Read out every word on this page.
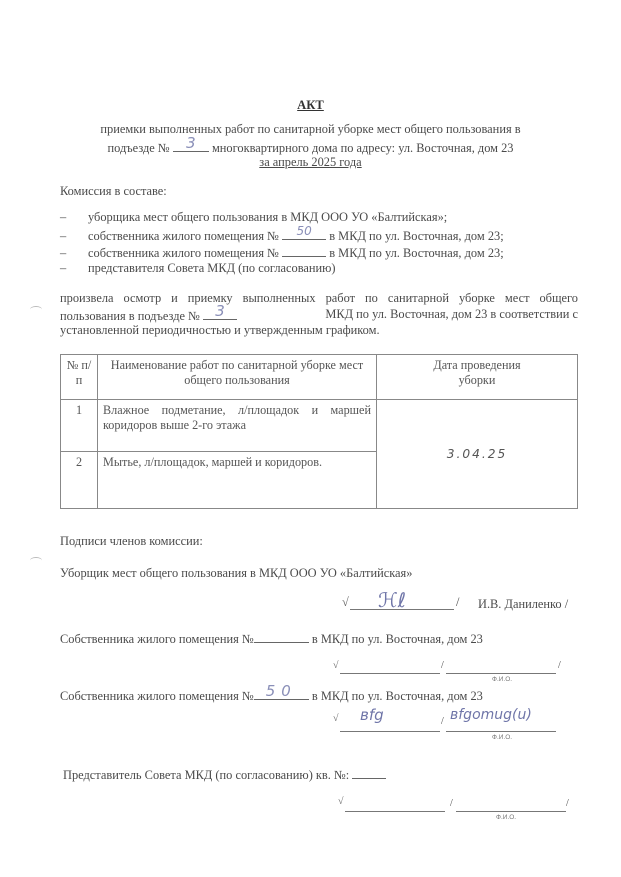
АКТ
приемки выполненных работ по санитарной уборке мест общего пользования в
подъезде №	3	многоквартирного дома по адресу: ул. Восточная, дом 23
за апрель 2025 года
Комиссия в составе:
– уборщика мест общего пользования в МКД ООО УО «Балтийская»;
– собственника жилого помещения №	50	в МКД по ул. Восточная, дом 23;
– собственника жилого помещения №	в МКД по ул. Восточная, дом 23;
– представителя Совета МКД (по согласованию)
произвела осмотр и приемку выполненных работ по санитарной уборке мест общего
пользования в подъезде №	3	МКД по ул. Восточная, дом 23 в соответствии с
установленной периодичностью и утвержденным графиком.
№ п/п	Наименование работ по санитарной уборке мест общего пользования	Дата проведения уборки
1	Влажное подметание, л/площадок и маршей
коридоров выше 2-го этажа	3.04.25
2	Мытье, л/площадок, маршей и коридоров.	
Подписи членов комиссии:
Уборщик мест общего пользования в МКД ООО УО «Балтийская»
√ ℋℓ	/ И.В. Даниленко /
Собственника жилого помещения №	в МКД по ул. Восточная, дом 23
√	/	/
Ф.И.О.
Собственника жилого помещения № 50	в МКД по ул. Восточная, дом 23
√ вfg	/ вfgomug(u)
Ф.И.О.
Представитель Совета МКД (по согласованию) кв. №:
√	/	/
Ф.И.О.
